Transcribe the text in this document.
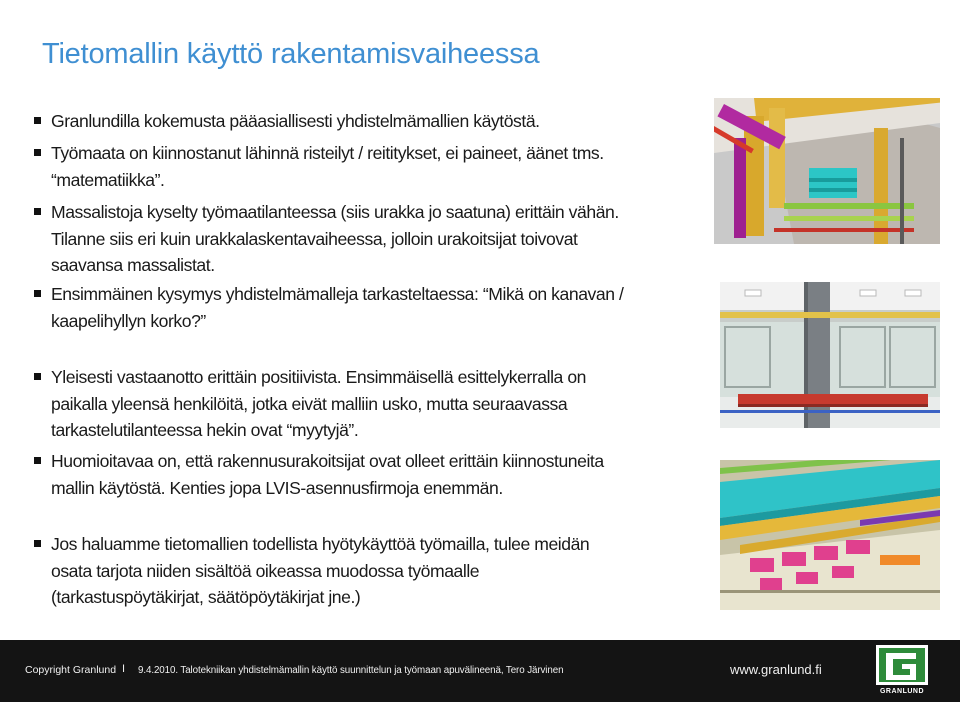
Tietomallin käyttö rakentamisvaiheessa
Granlundilla kokemusta pääasiallisesti yhdistelmämallien käytöstä.
Työmaata on kiinnostanut lähinnä risteilyt / reititykset, ei paineet, äänet tms.
“matematiikka”.
Massalistoja kyselty työmaatilanteessa (siis urakka jo saatuna) erittäin vähän.
Tilanne siis eri kuin urakkalaskentavaiheessa, jolloin urakoitsijat toivovat
saavansa massalistat.
Ensimmäinen kysymys yhdistelmämalleja tarkasteltaessa: “Mikä on kanavan /
kaapelihyllyn korko?”
Yleisesti vastaanotto erittäin positiivista. Ensimmäisellä esittelykerralla on
paikalla yleensä henkilöitä, jotka eivät malliin usko, mutta seuraavassa
tarkastelutilanteessa hekin ovat “myytyjä”.
Huomioitavaa on, että rakennusurakoitsijat ovat olleet erittäin kiinnostuneita
mallin käytöstä. Kenties jopa LVIS-asennusfirmoja enemmän.
Jos haluamme tietomallien todellista hyötykäyttöä työmailla, tulee meidän
osata tarjota niiden sisältöä oikeassa muodossa työmaalle
(tarkastuspöytäkirjat, säätöpöytäkirjat jne.)
Copyright Granlund I 9.4.2010. Talotekniikan yhdistelmämallin käyttö suunnittelun ja työmaan apuvälineenä, Tero Järvinen	www.granlund.fi
GRANLUND
